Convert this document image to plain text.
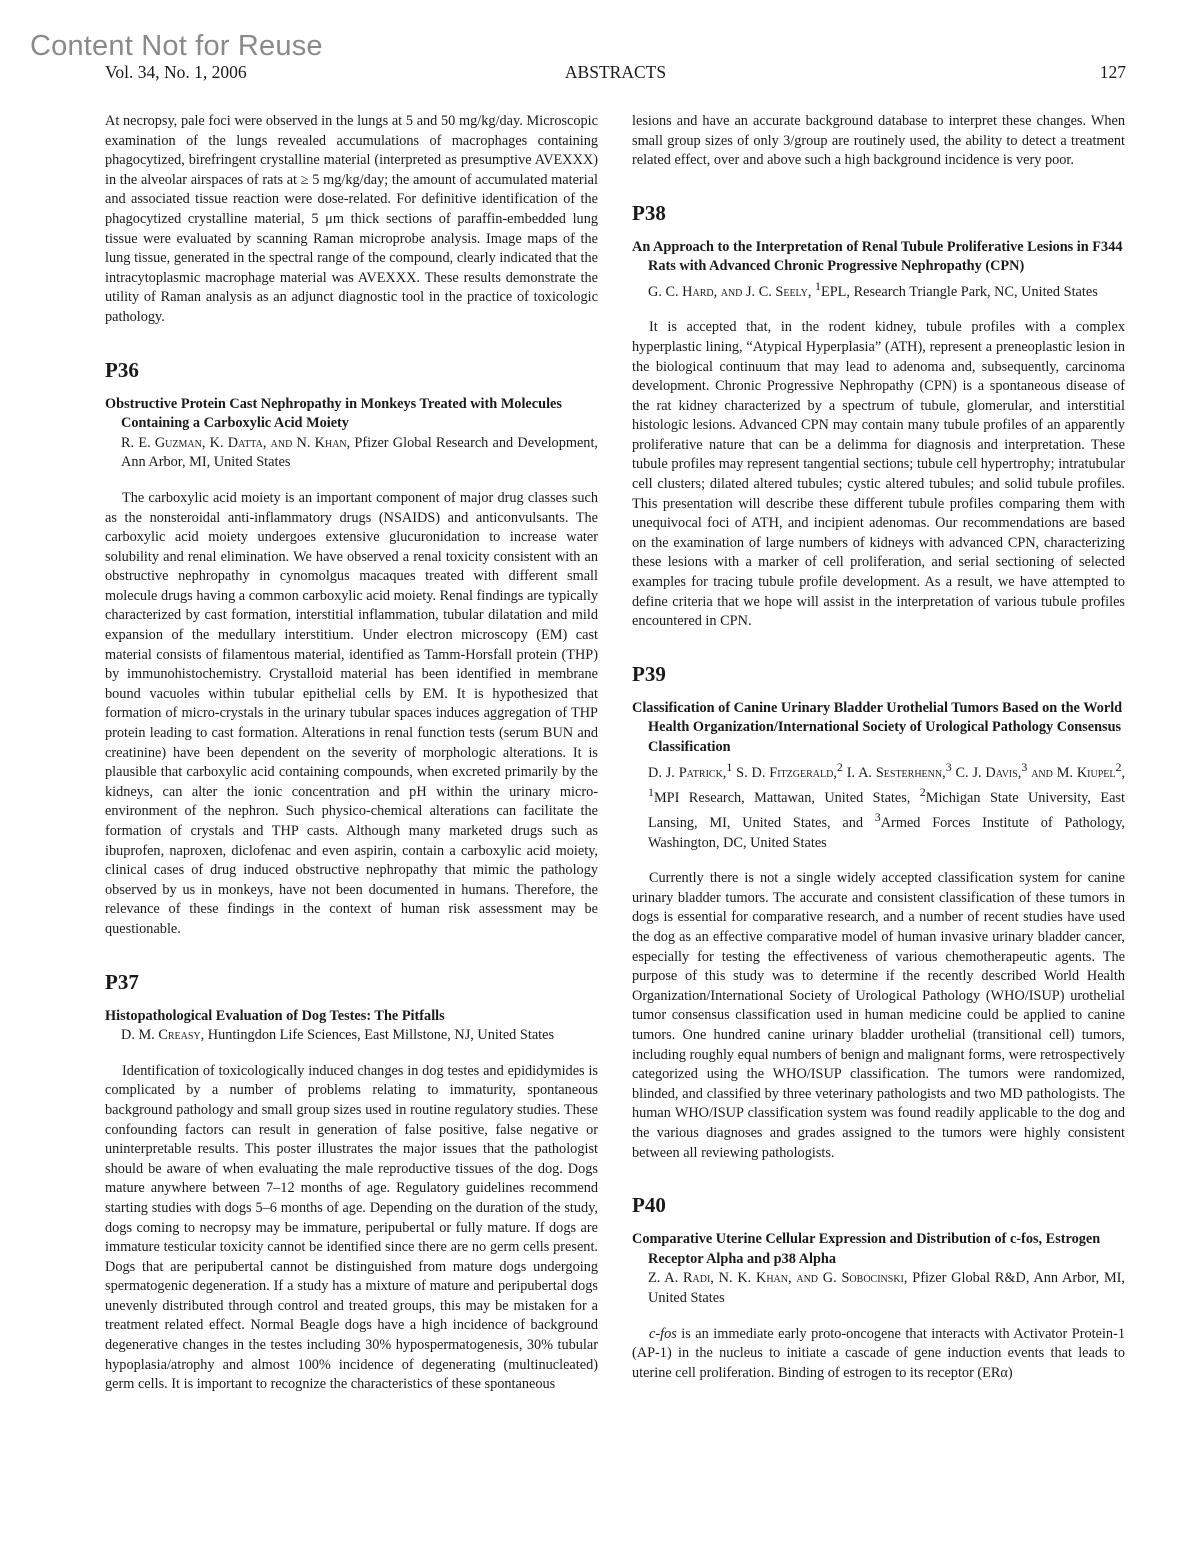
Content Not for Reuse
Vol. 34, No. 1, 2006	ABSTRACTS	127

At necropsy, pale foci were observed in the lungs at 5 and 50 mg/kg/day. Microscopic examination of the lungs revealed accumulations of macrophages containing phagocytized, birefringent crystalline material (interpreted as presumptive AVEXXX) in the alveolar airspaces of rats at ≥ 5 mg/kg/day; the amount of accumulated material and associated tissue reaction were dose-related. For definitive identification of the phagocytized crystalline material, 5 μm thick sections of paraffin-embedded lung tissue were evaluated by scanning Raman microprobe analysis. Image maps of the lung tissue, generated in the spectral range of the compound, clearly indicated that the intracytoplasmic macrophage material was AVEXXX. These results demonstrate the utility of Raman analysis as an adjunct diagnostic tool in the practice of toxicologic pathology.

P36

Obstructive Protein Cast Nephropathy in Monkeys Treated with Molecules Containing a Carboxylic Acid Moiety

R. E. Guzman, K. Datta, and N. Khan, Pfizer Global Research and Development, Ann Arbor, MI, United States

The carboxylic acid moiety is an important component of major drug classes such as the nonsteroidal anti-inflammatory drugs (NSAIDS) and anticonvulsants. The carboxylic acid moiety undergoes extensive glucuronidation to increase water solubility and renal elimination. We have observed a renal toxicity consistent with an obstructive nephropathy in cynomolgus macaques treated with different small molecule drugs having a common carboxylic acid moiety. Renal findings are typically characterized by cast formation, interstitial inflammation, tubular dilatation and mild expansion of the medullary interstitium. Under electron microscopy (EM) cast material consists of filamentous material, identified as Tamm-Horsfall protein (THP) by immunohistochemistry. Crystalloid material has been identified in membrane bound vacuoles within tubular epithelial cells by EM. It is hypothesized that formation of micro-crystals in the urinary tubular spaces induces aggregation of THP protein leading to cast formation. Alterations in renal function tests (serum BUN and creatinine) have been dependent on the severity of morphologic alterations. It is plausible that carboxylic acid containing compounds, when excreted primarily by the kidneys, can alter the ionic concentration and pH within the urinary micro-environment of the nephron. Such physico-chemical alterations can facilitate the formation of crystals and THP casts. Although many marketed drugs such as ibuprofen, naproxen, diclofenac and even aspirin, contain a carboxylic acid moiety, clinical cases of drug induced obstructive nephropathy that mimic the pathology observed by us in monkeys, have not been documented in humans. Therefore, the relevance of these findings in the context of human risk assessment may be questionable.

P37

Histopathological Evaluation of Dog Testes: The Pitfalls

D. M. Creasy, Huntingdon Life Sciences, East Millstone, NJ, United States

Identification of toxicologically induced changes in dog testes and epididymides is complicated by a number of problems relating to immaturity, spontaneous background pathology and small group sizes used in routine regulatory studies. These confounding factors can result in generation of false positive, false negative or uninterpretable results. This poster illustrates the major issues that the pathologist should be aware of when evaluating the male reproductive tissues of the dog. Dogs mature anywhere between 7–12 months of age. Regulatory guidelines recommend starting studies with dogs 5–6 months of age. Depending on the duration of the study, dogs coming to necropsy may be immature, peripubertal or fully mature. If dogs are immature testicular toxicity cannot be identified since there are no germ cells present. Dogs that are peripubertal cannot be distinguished from mature dogs undergoing spermatogenic degeneration. If a study has a mixture of mature and peripubertal dogs unevenly distributed through control and treated groups, this may be mistaken for a treatment related effect. Normal Beagle dogs have a high incidence of background degenerative changes in the testes including 30% hypospermatogenesis, 30% tubular hypoplasia/atrophy and almost 100% incidence of degenerating (multinucleated) germ cells. It is important to recognize the characteristics of these spontaneous

lesions and have an accurate background database to interpret these changes. When small group sizes of only 3/group are routinely used, the ability to detect a treatment related effect, over and above such a high background incidence is very poor.

P38

An Approach to the Interpretation of Renal Tubule Proliferative Lesions in F344 Rats with Advanced Chronic Progressive Nephropathy (CPN)

G. C. Hard, and J. C. Seely, $^1$EPL, Research Triangle Park, NC, United States

It is accepted that, in the rodent kidney, tubule profiles with a complex hyperplastic lining, “Atypical Hyperplasia” (ATH), represent a preneoplastic lesion in the biological continuum that may lead to adenoma and, subsequently, carcinoma development. Chronic Progressive Nephropathy (CPN) is a spontaneous disease of the rat kidney characterized by a spectrum of tubule, glomerular, and interstitial histologic lesions. Advanced CPN may contain many tubule profiles of an apparently proliferative nature that can be a delimma for diagnosis and interpretation. These tubule profiles may represent tangential sections; tubule cell hypertrophy; intratubular cell clusters; dilated altered tubules; cystic altered tubules; and solid tubule profiles. This presentation will describe these different tubule profiles comparing them with unequivocal foci of ATH, and incipient adenomas. Our recommendations are based on the examination of large numbers of kidneys with advanced CPN, characterizing these lesions with a marker of cell proliferation, and serial sectioning of selected examples for tracing tubule profile development. As a result, we have attempted to define criteria that we hope will assist in the interpretation of various tubule profiles encountered in CPN.

P39

Classification of Canine Urinary Bladder Urothelial Tumors Based on the World Health Organization/International Society of Urological Pathology Consensus Classification

D. J. Patrick,$^1$ S. D. Fitzgerald,$^2$ I. A. Sesterhenn,$^3$ C. J. Davis,$^3$ and M. Kiupel$^2$, $^1$MPI Research, Mattawan, United States, $^2$Michigan State University, East Lansing, MI, United States, and $^3$Armed Forces Institute of Pathology, Washington, DC, United States

Currently there is not a single widely accepted classification system for canine urinary bladder tumors. The accurate and consistent classification of these tumors in dogs is essential for comparative research, and a number of recent studies have used the dog as an effective comparative model of human invasive urinary bladder cancer, especially for testing the effectiveness of various chemotherapeutic agents. The purpose of this study was to determine if the recently described World Health Organization/International Society of Urological Pathology (WHO/ISUP) urothelial tumor consensus classification used in human medicine could be applied to canine tumors. One hundred canine urinary bladder urothelial (transitional cell) tumors, including roughly equal numbers of benign and malignant forms, were retrospectively categorized using the WHO/ISUP classification. The tumors were randomized, blinded, and classified by three veterinary pathologists and two MD pathologists. The human WHO/ISUP classification system was found readily applicable to the dog and the various diagnoses and grades assigned to the tumors were highly consistent between all reviewing pathologists.

P40

Comparative Uterine Cellular Expression and Distribution of c-fos, Estrogen Receptor Alpha and p38 Alpha

Z. A. Radi, N. K. Khan, and G. Sobocinski, Pfizer Global R&D, Ann Arbor, MI, United States

c-fos is an immediate early proto-oncogene that interacts with Activator Protein-1 (AP-1) in the nucleus to initiate a cascade of gene induction events that leads to uterine cell proliferation. Binding of estrogen to its receptor (ERα)
